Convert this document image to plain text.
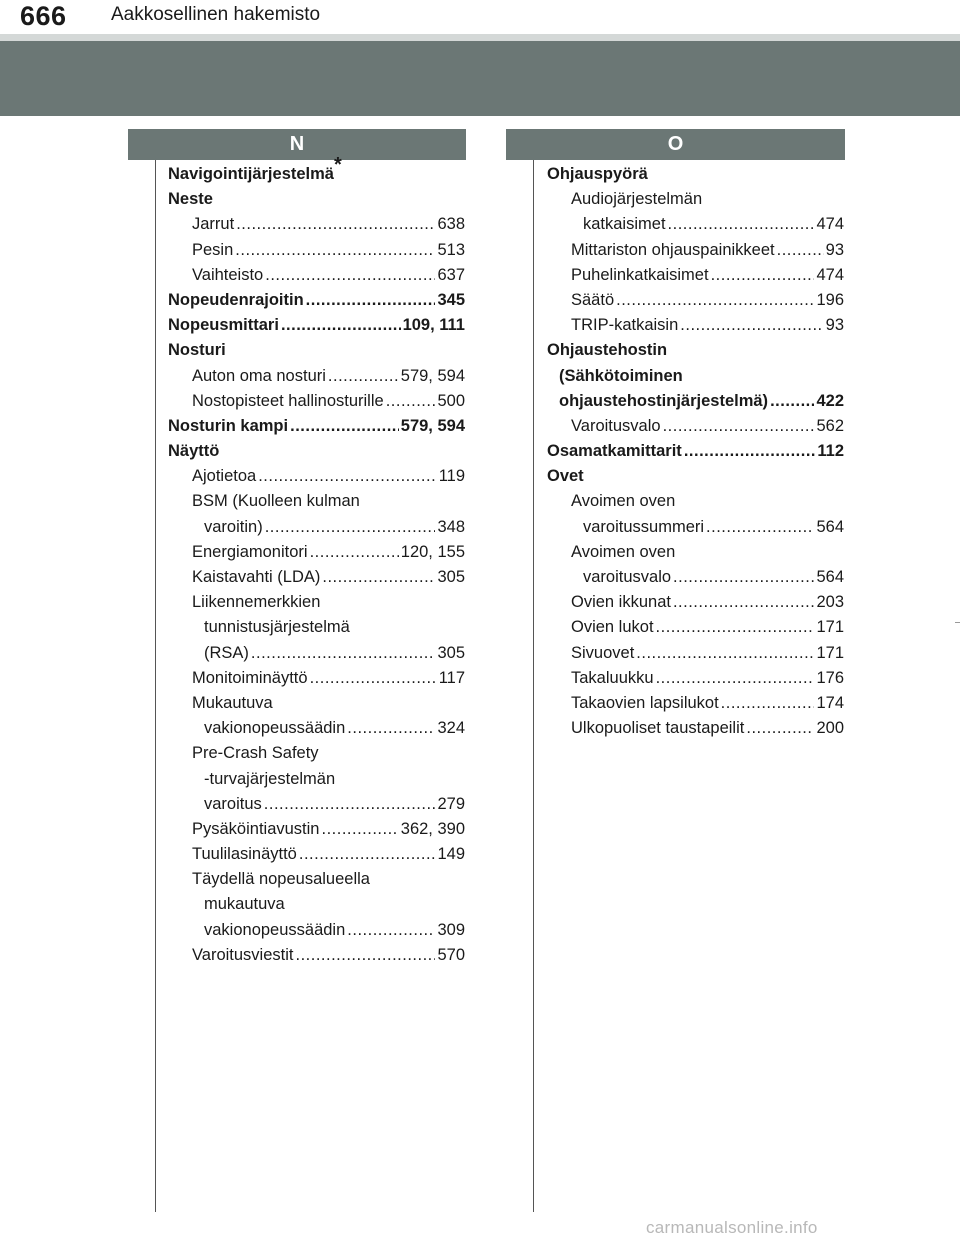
666 Aakkosellinen hakemisto
N	O
Navigointijärjestelmä*
Neste
Jarrut .....	638
Pesin .....	513
Vaihteisto .....	637
Nopeudenrajoitin .....	345
Nopeusmittari .....	109, 111
Nosturi
Auton oma nosturi .....	579, 594
Nostopisteet hallinosturille .....	500
Nosturin kampi .....	579, 594
Näyttö
Ajotietoa .....	119
BSM (Kuolleen kulman
varoitin) .....	348
Energiamonitori .....	120, 155
Kaistavahti (LDA) .....	305
Liikennemerkkien
tunnistusjärjestelmä
(RSA) .....	305
Monitoiminäyttö .....	117
Mukautuva
vakionopeussäädin .....	324
Pre-Crash Safety
-turvajärjestelmän
varoitus .....	279
Pysäköintiavustin .....	362, 390
Tuulilasinäyttö .....	149
Täydellä nopeusalueella
mukautuva
vakionopeussäädin .....	309
Varoitusviestit .....	570
Ohjauspyörä
Audiojärjestelmän
katkaisimet .....	474
Mittariston ohjauspainikkeet .....	93
Puhelinkatkaisimet .....	474
Säätö .....	196
TRIP-katkaisin .....	93
Ohjaustehostin
(Sähkötoiminen
ohjaustehostinjärjestelmä) .....	422
Varoitusvalo .....	562
Osamatkamittarit .....	112
Ovet
Avoimen oven
varoitussummeri .....	564
Avoimen oven
varoitusvalo .....	564
Ovien ikkunat .....	203
Ovien lukot .....	171
Sivuovet .....	171
Takaluukku .....	176
Takaovien lapsilukot .....	174
Ulkopuoliset taustapeilit .....	200
carmanualsonline.info
